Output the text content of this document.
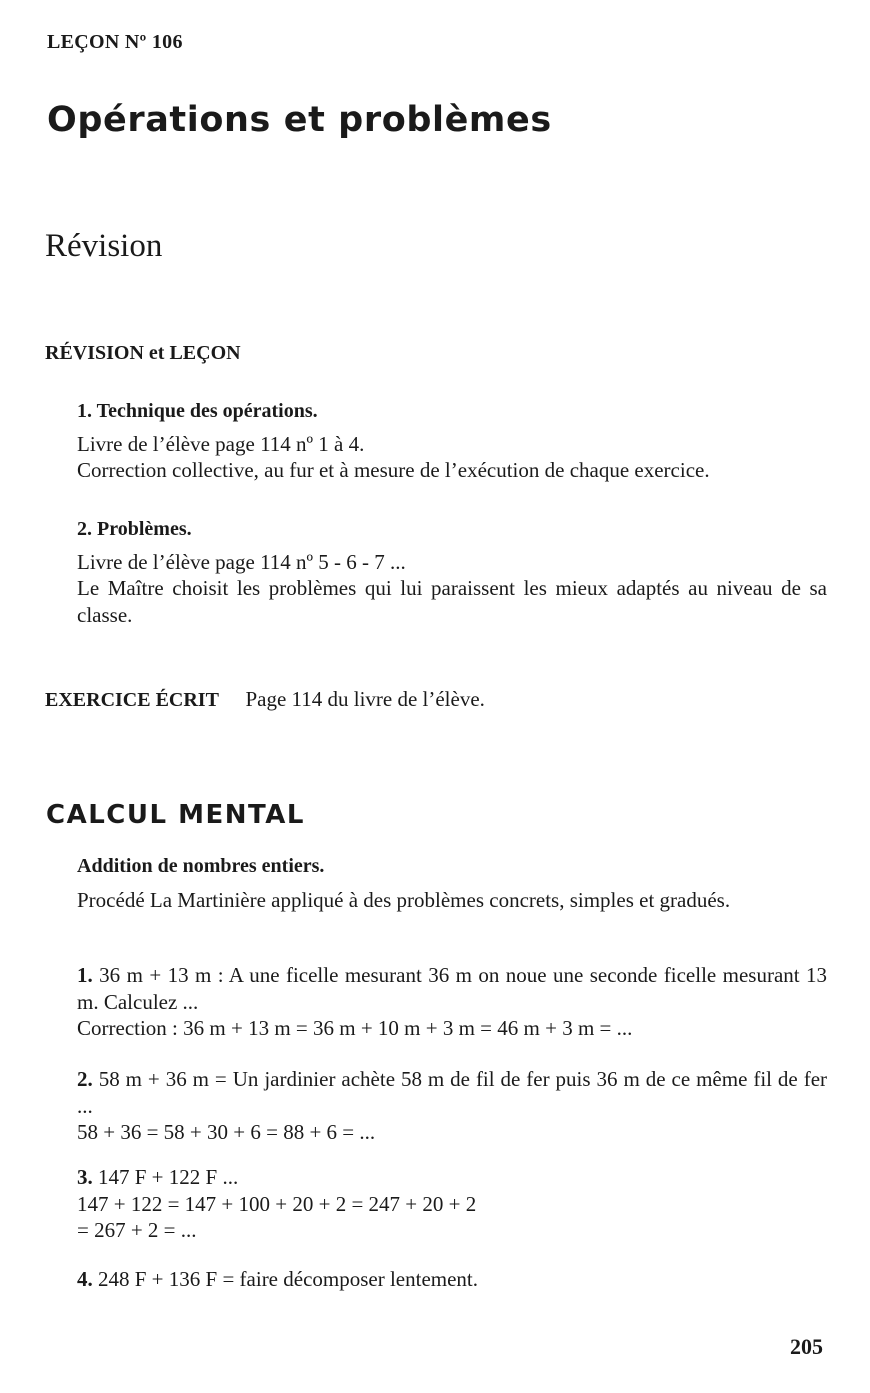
LEÇON Nº 106
Opérations et problèmes
Révision
RÉVISION et LEÇON
1. Technique des opérations.
Livre de l’élève page 114 nº 1 à 4.
Correction collective, au fur et à mesure de l’exécution de chaque exercice.
2. Problèmes.
Livre de l’élève page 114 nº 5 - 6 - 7 ...
Le Maître choisit les problèmes qui lui paraissent les mieux adaptés au niveau de sa classe.
EXERCICE ÉCRIT Page 114 du livre de l’élève.
CALCUL MENTAL
Addition de nombres entiers.
Procédé La Martinière appliqué à des problèmes concrets, simples et gradués.
1. 36 m + 13 m : A une ficelle mesurant 36 m on noue une seconde ficelle mesurant 13 m. Calculez ...
Correction : 36 m + 13 m = 36 m + 10 m + 3 m = 46 m + 3 m = ...
2. 58 m + 36 m = Un jardinier achète 58 m de fil de fer puis 36 m de ce même fil de fer ...
58 + 36 = 58 + 30 + 6 = 88 + 6 = ...
3. 147 F + 122 F ...
147 + 122 = 147 + 100 + 20 + 2 = 247 + 20 + 2
= 267 + 2 = ...
4. 248 F + 136 F = faire décomposer lentement.
205
